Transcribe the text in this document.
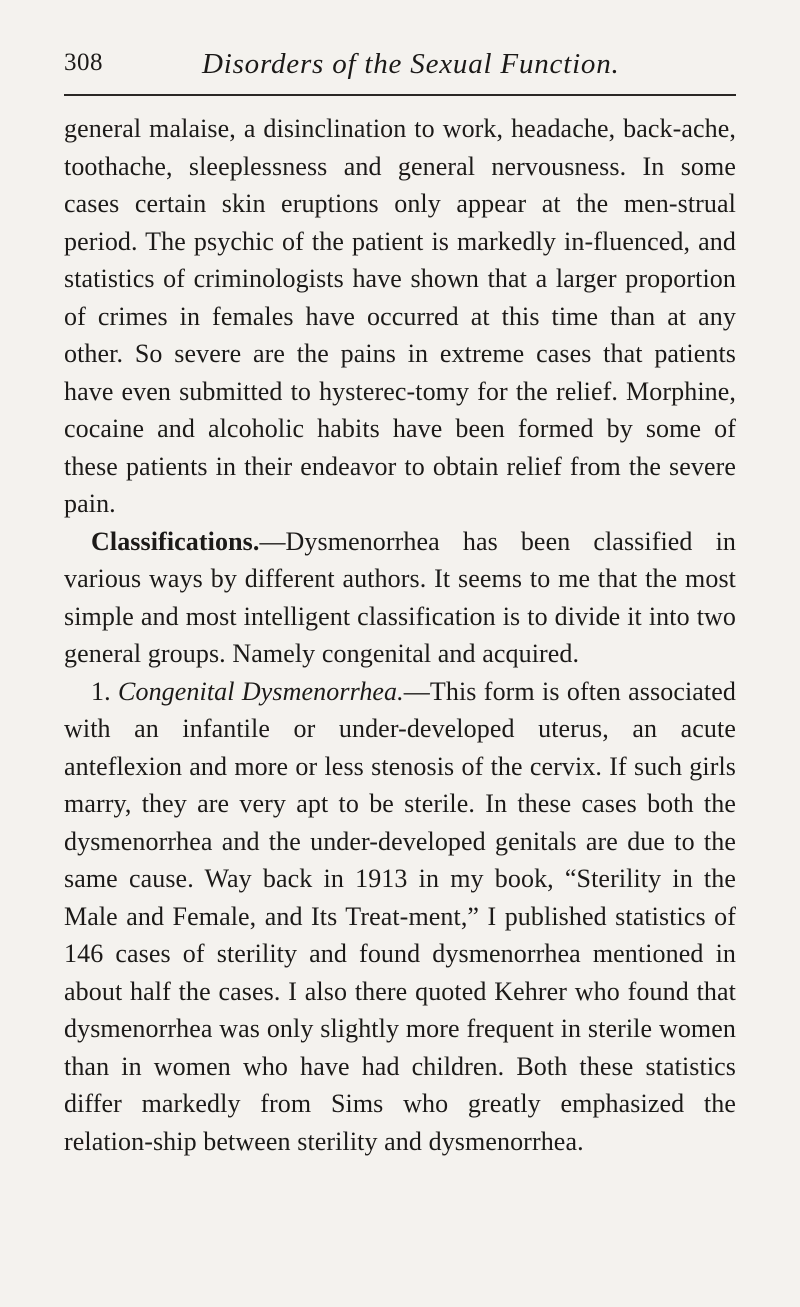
308	Disorders of the Sexual Function.

general malaise, a disinclination to work, headache, back-ache, toothache, sleeplessness and general nervousness. In some cases certain skin eruptions only appear at the men-strual period. The psychic of the patient is markedly in-fluenced, and statistics of criminologists have shown that a larger proportion of crimes in females have occurred at this time than at any other. So severe are the pains in extreme cases that patients have even submitted to hysterec-tomy for the relief. Morphine, cocaine and alcoholic habits have been formed by some of these patients in their endeavor to obtain relief from the severe pain.

Classifications.—Dysmenorrhea has been classified in various ways by different authors. It seems to me that the most simple and most intelligent classification is to divide it into two general groups. Namely congenital and acquired.

1. Congenital Dysmenorrhea.—This form is often associated with an infantile or under-developed uterus, an acute anteflexion and more or less stenosis of the cervix. If such girls marry, they are very apt to be sterile. In these cases both the dysmenorrhea and the under-developed genitals are due to the same cause. Way back in 1913 in my book, “Sterility in the Male and Female, and Its Treat-ment,” I published statistics of 146 cases of sterility and found dysmenorrhea mentioned in about half the cases. I also there quoted Kehrer who found that dysmenorrhea was only slightly more frequent in sterile women than in women who have had children. Both these statistics differ markedly from Sims who greatly emphasized the relation-ship between sterility and dysmenorrhea.
